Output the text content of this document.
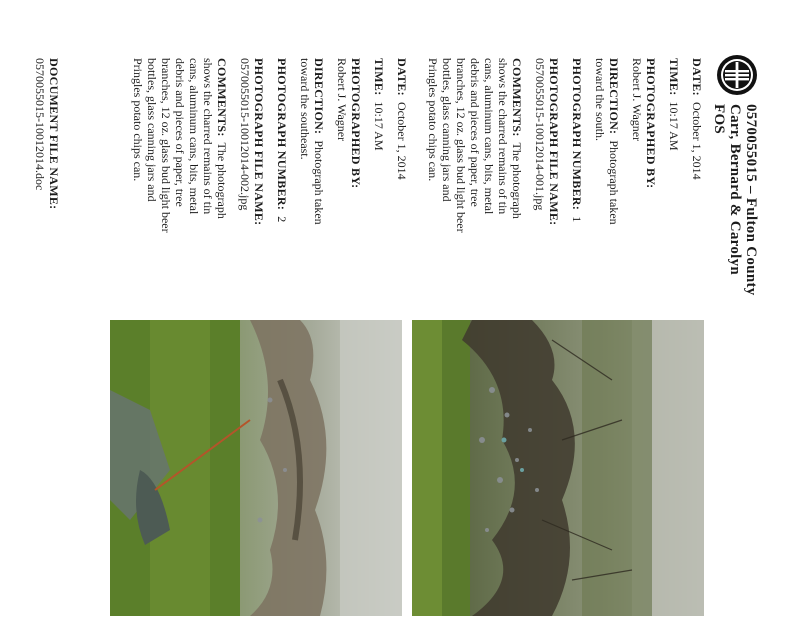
0570055015 – Fulton County
Carr, Bernard & Carolyn
FOS
DATE:  October 1, 2014
TIME:  10:17 AM
PHOTOGRAPHED BY:
Robert J. Wagner
DIRECTION:  Photograph taken
toward the south.
PHOTOGRAPH NUMBER:  1
PHOTOGRAPH FILE NAME:
0570055015-10012014-001.jpg
COMMENTS:  The photograph
shows the charred remains of tin
cans, aluminum cans, bits, metal
debris and pieces of paper, tree
branches, 12 oz. glass bud light beer
bottles, glass canning jars and
Pringles potato chips can.
DATE:  October 1, 2014
TIME:  10:17 AM
PHOTOGRAPHED BY:
Robert J. Wagner
DIRECTION:  Photograph taken
toward the southeast.
PHOTOGRAPH NUMBER:  2
PHOTOGRAPH FILE NAME:
0570055015-10012014-002.jpg
COMMENTS:  The photograph
shows the charred remains of tin
cans, aluminum cans, bits, metal
debris and pieces of paper, tree
branches, 12 oz. glass bud light beer
bottles, glass canning jars and
Pringles potato chips can.
DOCUMENT FILE NAME:
0570055015-10012014.doc
